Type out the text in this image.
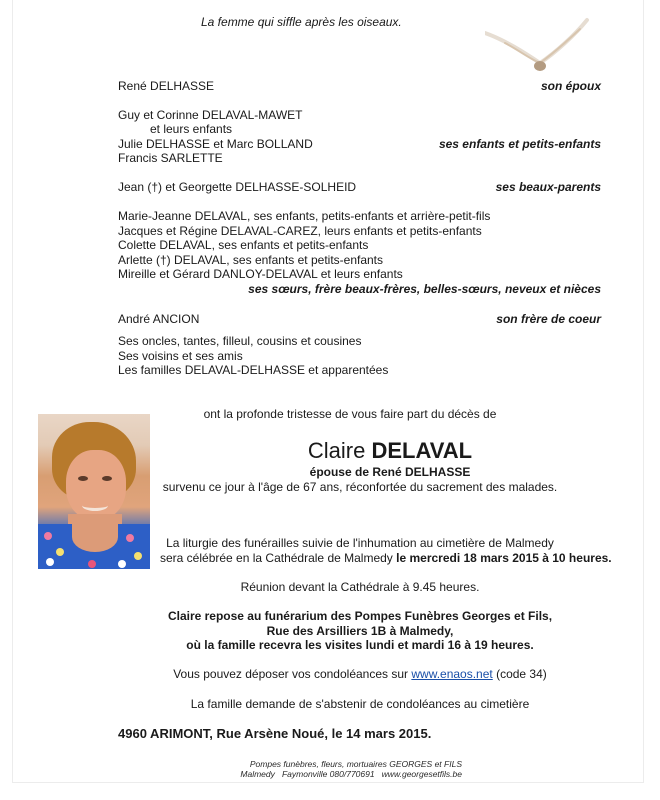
La femme qui siffle après les oiseaux.
René DELHASSE	son époux
Guy et Corinne DELAVAL-MAWET
et leurs enfants
Julie DELHASSE et Marc BOLLAND
Francis SARLETTE
ses enfants et petits-enfants
Jean (†) et Georgette DELHASSE-SOLHEID	ses beaux-parents
Marie-Jeanne DELAVAL, ses enfants, petits-enfants et arrière-petit-fils
Jacques et Régine DELAVAL-CAREZ, leurs enfants et petits-enfants
Colette DELAVAL, ses enfants et petits-enfants
Arlette (†) DELAVAL, ses enfants et petits-enfants
Mireille et Gérard DANLOY-DELAVAL et leurs enfants
ses sœurs, frère beaux-frères, belles-sœurs, neveux et nièces
André ANCION	son frère de coeur
Ses oncles, tantes, filleul, cousins et cousines
Ses voisins et ses amis
Les familles DELAVAL-DELHASSE et apparentées
ont la profonde tristesse de vous faire part du décès de
Claire DELAVAL
épouse de René DELHASSE
survenu ce jour à l'âge de 67 ans, réconfortée du sacrement des malades.
La liturgie des funérailles suivie de l'inhumation au cimetière de Malmedy
sera célébrée en la Cathédrale de Malmedy le mercredi 18 mars 2015 à 10 heures.
Réunion devant la Cathédrale à 9.45 heures.
Claire repose au funérarium des Pompes Funèbres Georges et Fils,
Rue des Arsilliers 1B à Malmedy,
où la famille recevra les visites lundi et mardi 16 à 19 heures.
Vous pouvez déposer vos condoléances sur www.enaos.net (code 34)
La famille demande de s'abstenir de condoléances au cimetière
4960 ARIMONT, Rue Arsène Noué, le 14 mars 2015.
Pompes funèbres, fleurs, mortuaires GEORGES et FILS
Malmedy   Faymonville 080/770691   www.georgesetfils.be
